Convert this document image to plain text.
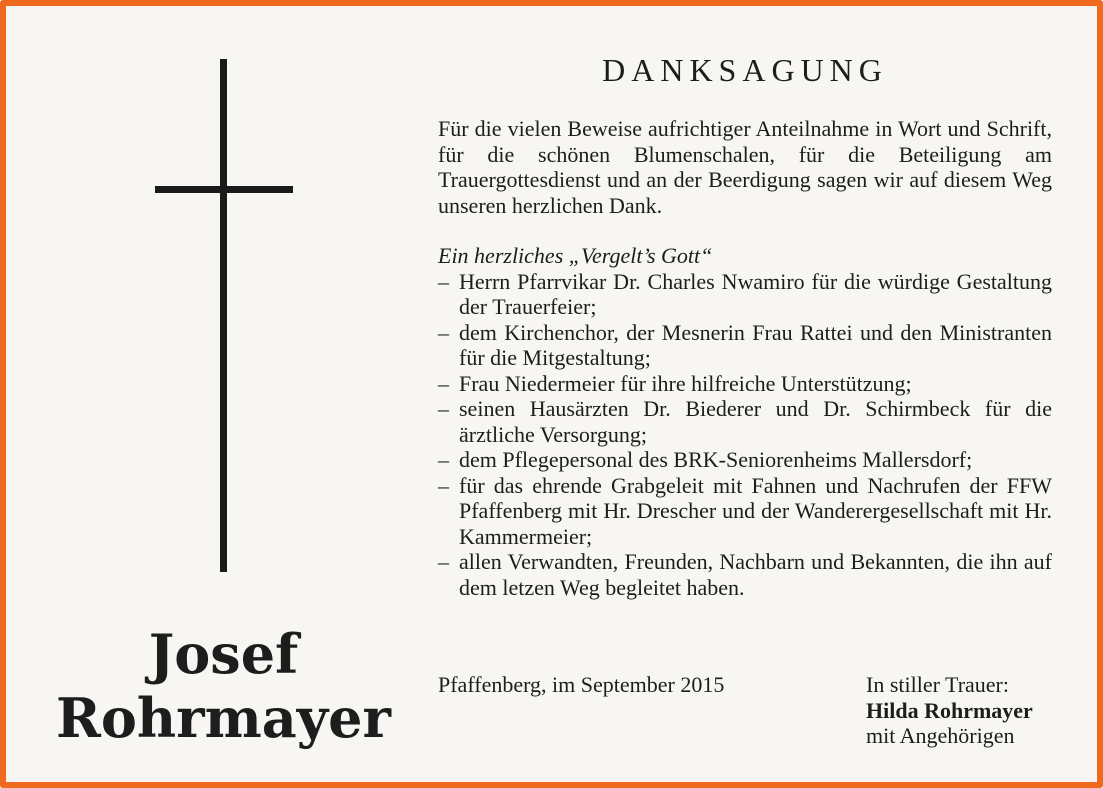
Josef
Rohrmayer
DANKSAGUNG

Für die vielen Beweise aufrichtiger Anteilnahme in Wort und Schrift, für die schönen Blumenschalen, für die Beteiligung am Trauergottesdienst und an der Beerdigung sagen wir auf diesem Weg unseren herzlichen Dank.

Ein herzliches „Vergelt’s Gott“

– Herrn Pfarrvikar Dr. Charles Nwamiro für die würdige Gestaltung der Trauerfeier;
– dem Kirchenchor, der Mesnerin Frau Rattei und den Ministranten für die Mitgestaltung;
– Frau Niedermeier für ihre hilfreiche Unterstützung;
– seinen Hausärzten Dr. Biederer und Dr. Schirmbeck für die ärztliche Versorgung;
– dem Pflegepersonal des BRK-Seniorenheims Mallersdorf;
– für das ehrende Grabgeleit mit Fahnen und Nachrufen der FFW Pfaffenberg mit Hr. Drescher und der Wanderergesellschaft mit Hr. Kammermeier;
– allen Verwandten, Freunden, Nachbarn und Bekannten, die ihn auf dem letzen Weg begleitet haben.
Pfaffenberg, im September 2015	In stiller Trauer:
Hilda Rohrmayer
mit Angehörigen
